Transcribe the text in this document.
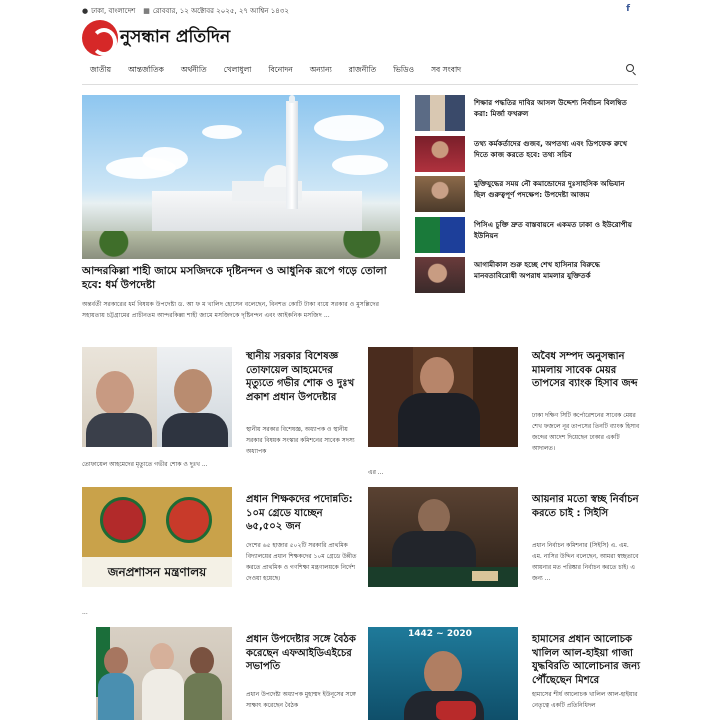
● ঢাকা, বাংলাদেশ ▦ রোববার, ১২ অক্টোবর ২০২৫, ২৭ আশ্বিন ১৪৩২	f
নুসন্ধান প্রতিদিন
জাতীয় আন্তর্জাতিক অর্থনীতি খেলাধুলা বিনোদন অন্যান্য রাজনীতি ভিডিও সব সংবাদ
আন্দরকিল্লা শাহী জামে মসজিদকে দৃষ্টিনন্দন ও আধুনিক রূপে গড়ে তোলা হবে: ধর্ম উপদেষ্টা
অন্তর্বর্তী সরকারের ধর্ম বিষয়ক উপদেষ্টা ড. আ ফ ম খালিদ হোসেন বলেছেন, বিনশত কোটি টাকা ব্যয়ে সরকার ও মুসল্লিদের সহায়তায় চট্টগ্রামের প্রাচীনতম আন্দরকিল্লা শাহী জামে মসজিদকে দৃষ্টিনন্দন এবং আইকনিক মসজিদ ...
শিক্ষার পদ্ধতির দাবির আসল উদ্দেশ্য নির্বাচন বিলম্বিত করা: মির্জা ফখরুল
তথ্য কর্মকর্তাদের গুজব, অপতথ্য এবং ডিপফেক রুখে দিতে কাজ করতে হবে: তথ্য সচিব
মুক্তিযুদ্ধের সময় নৌ কমান্ডোদের দুঃসাহসিক অভিযান ছিল গুরুত্বপূর্ণ পদক্ষেপ: উপদেষ্টা আজম
পিসিএ চুক্তি দ্রুত বাস্তবায়নে একমত ঢাকা ও ইউরোপীয় ইউনিয়ন
আগামীকাল শুরু হচ্ছে শেখ হাসিনার বিরুদ্ধে মানবতাবিরোধী অপরাধ মামলার যুক্তিতর্ক
স্থানীয় সরকার বিশেষজ্ঞ তোফায়েল আহমেদের মৃত্যুতে গভীর শোক ও দুঃখ প্রকাশ প্রধান উপদেষ্টার
স্থানীয় সরকার বিশেষজ্ঞ, অধ্যাপক ও স্থানীয় সরকার বিষয়ক সংস্কার কমিশনের সাবেক সদস্য অধ্যাপক
তোফায়েল আহমেদের মৃত্যুতে গভীর শোক ও দুঃখ ...
অবৈধ সম্পদ অনুসন্ধান মামলায় সাবেক মেয়র তাপসের ব্যাংক হিসাব জব্দ
ঢাকা দক্ষিণ সিটি কর্পোরেশনের সাবেক মেয়র শেখ ফজলে নূর তাপসের তিনটি ব্যাংক হিসাব জব্দের আদেশ দিয়েছেন ঢাকার একটি আদালত।
এর ...
জনপ্রশাসন মন্ত্রণালয়
প্রধান শিক্ষকদের পদোন্নতি: ১০ম গ্রেডে যাচ্ছেন ৬৫,৫০২ জন
দেশের ৬৫ হাজার ৫০২টি সরকারি প্রাথমিক বিদ্যালয়ের প্রধান শিক্ষকদের ১০ম গ্রেডে উন্নীত করতে প্রাথমিক ও গণশিক্ষা মন্ত্রণালয়কে নির্দেশ দেওয়া হয়েছে।
...
আয়নার মতো স্বচ্ছ নির্বাচন করতে চাই : সিইসি
প্রধান নির্বাচন কমিশনার (সিইসি) এ. এম. এম. নাসির উদ্দিন বলেছেন, আমরা স্বচ্ছতাবে আয়নার মত পরিষ্কার নির্বাচন করতে চাই। এ জন্য ...
প্রধান উপদেষ্টার সঙ্গে বৈঠক করেছেন এফআইডিএইচের সভাপতি
প্রধান উপদেষ্টা অধ্যাপক মুহাম্মদ ইউনূসের সঙ্গে সাক্ষাৎ করেছেন বৈঠক
1442 ~ 2020	হামাসের প্রধান আলোচক খালিল আল-হাইয়া গাজা যুদ্ধবিরতি আলোচনার জন্য পৌঁছেছেন মিশরে
হামাসের শীর্ষ আলোচক খালিল আল-হাইয়ার নেতৃত্বে একটি প্রতিনিধিদল
